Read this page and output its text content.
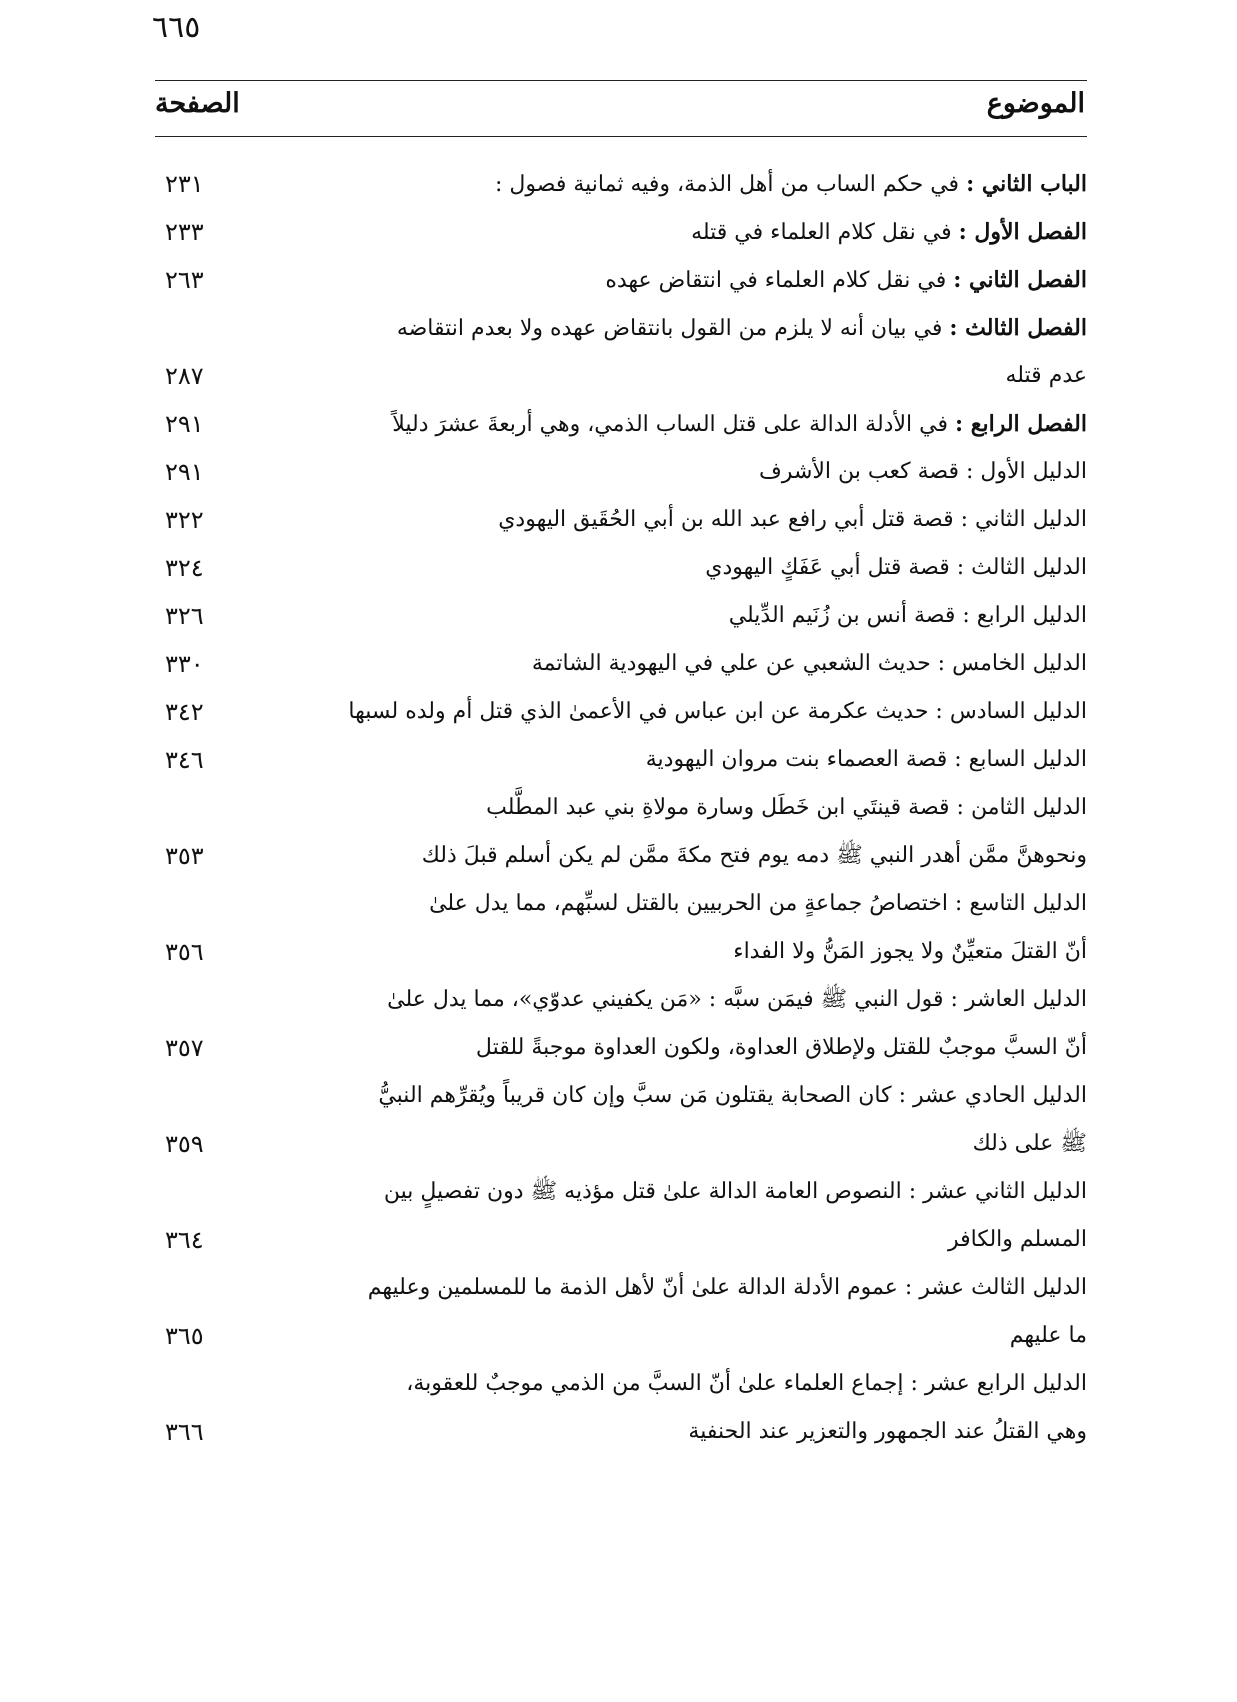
٦٦٥
الموضوع
الصفحة
الباب الثاني : في حكم الساب من أهل الذمة، وفيه ثمانية فصول :
٢٣١
الفصل الأول : في نقل كلام العلماء في قتله
٢٣٣
الفصل الثاني : في نقل كلام العلماء في انتقاض عهده
٢٦٣
الفصل الثالث : في بيان أنه لا يلزم من القول بانتقاض عهده ولا بعدم انتقاضه
عدم قتله
٢٨٧
الفصل الرابع : في الأدلة الدالة على قتل الساب الذمي، وهي أربعةَ عشرَ دليلاً
٢٩١
الدليل الأول : قصة كعب بن الأشرف
٢٩١
الدليل الثاني : قصة قتل أبي رافع عبد الله بن أبي الحُقَيق اليهودي
٣٢٢
الدليل الثالث : قصة قتل أبي عَفَكٍ اليهودي
٣٢٤
الدليل الرابع : قصة أنس بن زُنَيم الدِّيلي
٣٢٦
الدليل الخامس : حديث الشعبي عن علي في اليهودية الشاتمة
٣٣٠
الدليل السادس : حديث عكرمة عن ابن عباس في الأعمىٰ الذي قتل أم ولده لسبها
٣٤٢
الدليل السابع : قصة العصماء بنت مروان اليهودية
٣٤٦
الدليل الثامن : قصة قينتَي ابن خَطَل وسارة مولاةِ بني عبد المطَّلب
ونحوهنَّ ممَّن أهدر النبي ﷺ دمه يوم فتح مكةَ ممَّن لم يكن أسلم قبلَ ذلك
٣٥٣
الدليل التاسع : اختصاصُ جماعةٍ من الحربيين بالقتل لسبِّهم، مما يدل علىٰ
أنّ القتلَ متعيِّنٌ ولا يجوز المَنُّ ولا الفداء
٣٥٦
الدليل العاشر : قول النبي ﷺ فيمَن سبَّه : «مَن يكفيني عدوّي»، مما يدل علىٰ
أنّ السبَّ موجبٌ للقتل ولإطلاق العداوة، ولكون العداوة موجبةً للقتل
٣٥٧
الدليل الحادي عشر : كان الصحابة يقتلون مَن سبَّ وإن كان قريباً ويُقرِّهم النبيُّ
ﷺ على ذلك
٣٥٩
الدليل الثاني عشر : النصوص العامة الدالة علىٰ قتل مؤذيه ﷺ دون تفصيلٍ بين
المسلم والكافر
٣٦٤
الدليل الثالث عشر : عموم الأدلة الدالة علىٰ أنّ لأهل الذمة ما للمسلمين وعليهم
ما عليهم
٣٦٥
الدليل الرابع عشر : إجماع العلماء علىٰ أنّ السبَّ من الذمي موجبٌ للعقوبة،
وهي القتلُ عند الجمهور والتعزير عند الحنفية
٣٦٦
